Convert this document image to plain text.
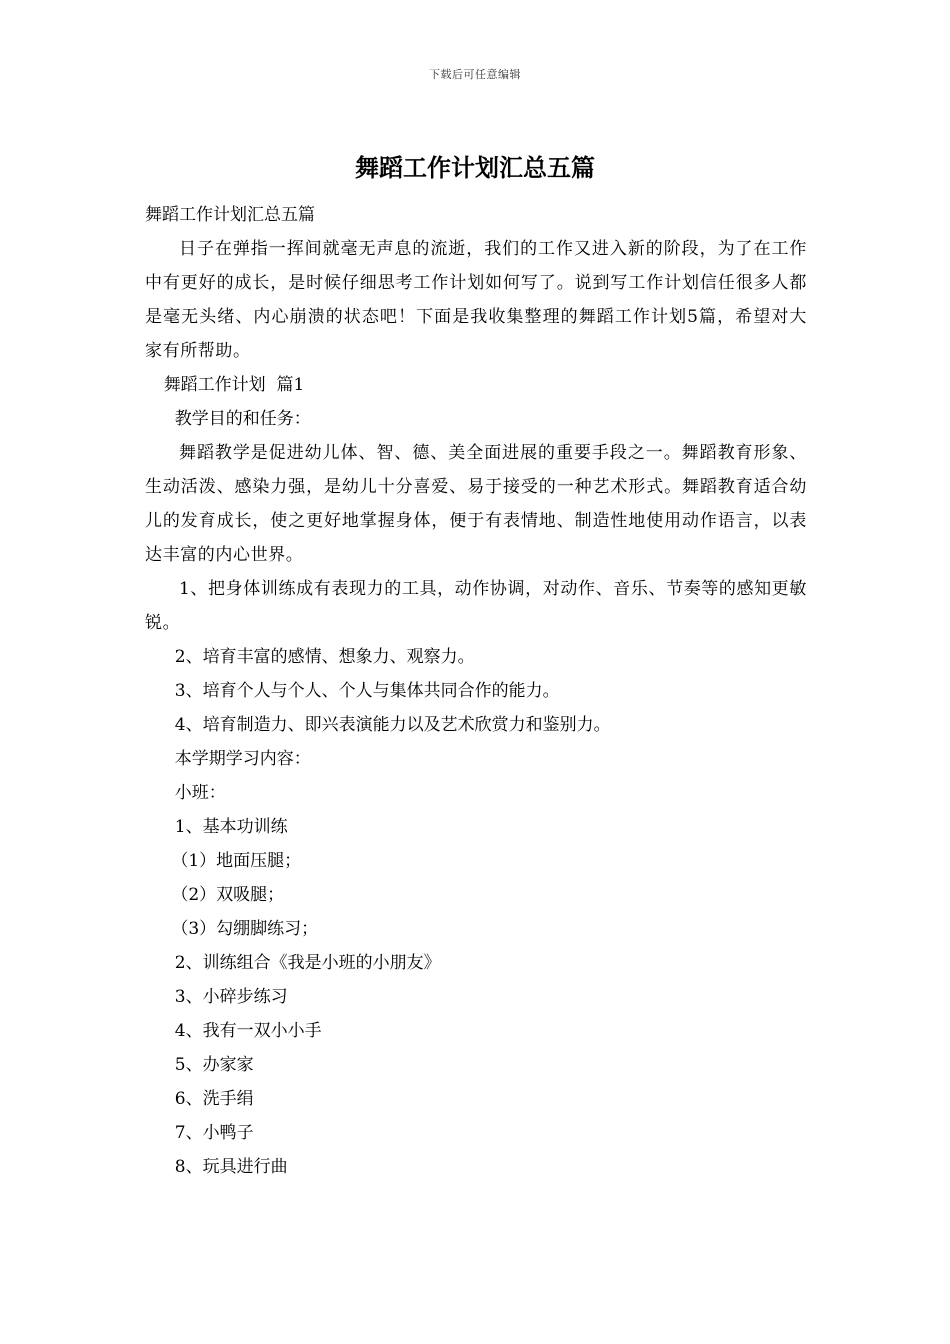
下载后可任意编辑
舞蹈工作计划汇总五篇

舞蹈工作计划汇总五篇

日子在弹指一挥间就毫无声息的流逝，我们的工作又进入新的阶段，为了在工作中有更好的成长，是时候仔细思考工作计划如何写了。说到写工作计划信任很多人都是毫无头绪、内心崩溃的状态吧！下面是我收集整理的舞蹈工作计划5篇，希望对大家有所帮助。

舞蹈工作计划  篇1

教学目的和任务：

舞蹈教学是促进幼儿体、智、德、美全面进展的重要手段之一。舞蹈教育形象、生动活泼、感染力强，是幼儿十分喜爱、易于接受的一种艺术形式。舞蹈教育适合幼儿的发育成长，使之更好地掌握身体，便于有表情地、制造性地使用动作语言，以表达丰富的内心世界。

1、把身体训练成有表现力的工具，动作协调，对动作、音乐、节奏等的感知更敏锐。

2、培育丰富的感情、想象力、观察力。

3、培育个人与个人、个人与集体共同合作的能力。

4、培育制造力、即兴表演能力以及艺术欣赏力和鉴别力。

本学期学习内容：

小班：

1、基本功训练

（1）地面压腿；

（2）双吸腿；

（3）勾绷脚练习；

2、训练组合《我是小班的小朋友》

3、小碎步练习

4、我有一双小小手

5、办家家

6、洗手绢

7、小鸭子

8、玩具进行曲
